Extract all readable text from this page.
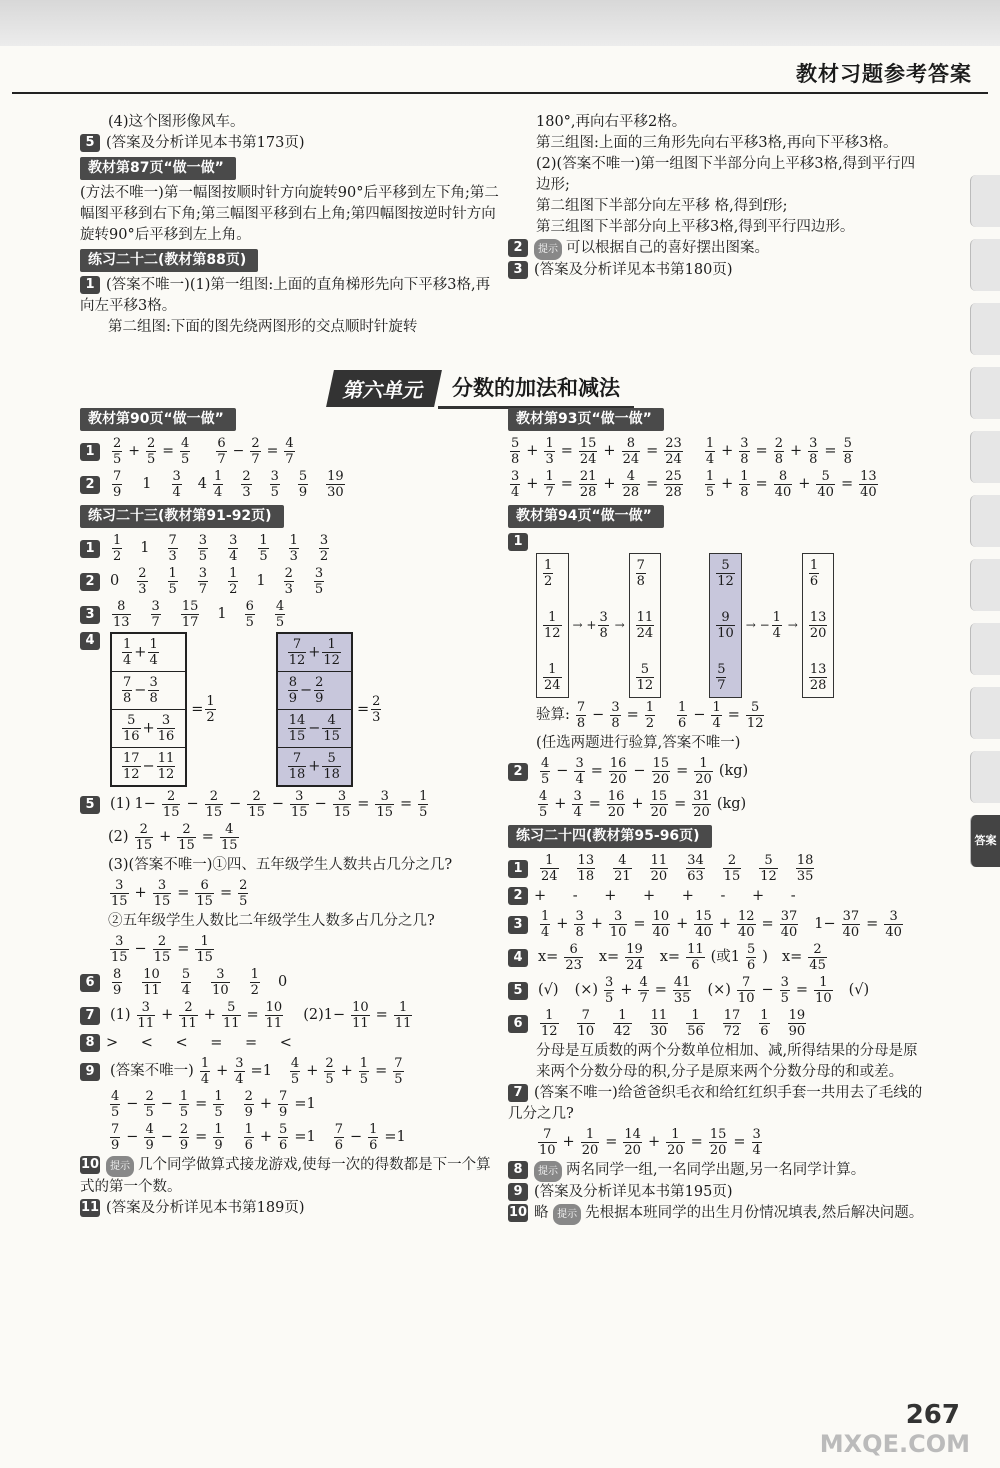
教材习题参考答案
答案
(4)这个图形像风车。
5 (答案及分析详见本书第173页)
教材第87页“做一做”
(方法不唯一)第一幅图按顺时针方向旋转90°后平移到左下角;第二幅图平移到右下角;第三幅图平移到右上角;第四幅图按逆时针方向旋转90°后平移到左上角。
练习二十二(教材第88页)
1 (答案不唯一)(1)第一组图:上面的直角梯形先向下平移3格,再向左平移3格。
第二组图:下面的图先绕两图形的交点顺时针旋转
180°,再向右平移2格。
第三组图:上面的三角形先向右平移3格,再向下平移3格。
(2)(答案不唯一)第一组图下半部分向上平移3格,得到平行四边形;
第二组图下半部分向左平移 格,得到f形;
第三组图下半部分向上平移3格,得到平行四边形。
2 提示 可以根据自己的喜好摆出图案。
3 (答案及分析详见本书第180页)
第六单元	分数的加法和减法
教材第90页“做一做”
1	$\frac{2}{5} + \frac{2}{5} = \frac{4}{5} \frac{6}{7} - \frac{2}{7} = \frac{4}{7}$
2	$\frac{7}{9} 1 \frac{3}{4} 4 \frac{1}{4} \frac{2}{3} \frac{3}{5} \frac{5}{9} \frac{19}{30}$
练习二十三(教材第91-92页)
1	$\frac{1}{2} 1 \frac{7}{3} \frac{3}{5} \frac{3}{4} \frac{1}{5} \frac{1}{3} \frac{3}{2}$
2	$0 \frac{2}{3} \frac{1}{5} \frac{3}{7} \frac{1}{2} 1 \frac{2}{3} \frac{3}{5}$
3	$\frac{8}{13} \frac{3}{7} \frac{15}{17} 1 \frac{6}{5} \frac{4}{5}$
4	$\frac{1}{4} + \frac{1}{4}$

$\frac{7}{8} - \frac{3}{8}$

$\frac{5}{16} + \frac{3}{16}$

$\frac{17}{12} - \frac{11}{12}$
= $\frac{1}{2}$
$\frac{7}{12} + \frac{1}{12}$

$\frac{8}{9} - \frac{2}{9}$

$\frac{14}{15} - \frac{4}{15}$

$\frac{7}{18} + \frac{5}{18}$
= $\frac{2}{3}$
5	(1) $1- \frac{2}{15} - \frac{2}{15} - \frac{2}{15} - \frac{3}{15} - \frac{3}{15} = \frac{3}{15} = \frac{1}{5}$
$(2) \frac{2}{15} + \frac{2}{15} = \frac{4}{15}$
(3)(答案不唯一)①四、五年级学生人数共占几分之几?
$\frac{3}{15} + \frac{3}{15} = \frac{6}{15} = \frac{2}{5}$
②五年级学生人数比二年级学生人数多占几分之几?
$\frac{3}{15} - \frac{2}{15} = \frac{1}{15}$
6	$\frac{8}{9} \frac{10}{11} \frac{5}{4} \frac{3}{10} \frac{1}{2} 0$
7	$(1) \frac{3}{11} + \frac{2}{11} + \frac{5}{11} = \frac{10}{11} (2)1- \frac{10}{11} = \frac{1}{11}$
8 > < < = = <
9	(答案不唯一) $\frac{1}{4} + \frac{3}{4} =1 \frac{4}{5} + \frac{2}{5} + \frac{1}{5} = \frac{7}{5}$
$\frac{4}{5} - \frac{2}{5} - \frac{1}{5} = \frac{1}{5} \frac{2}{9} + \frac{7}{9} =1$
$\frac{7}{9} - \frac{4}{9} - \frac{2}{9} = \frac{1}{9} \frac{1}{6} + \frac{5}{6} =1 \frac{7}{6} - \frac{1}{6} =1$
10 提示 几个同学做算式接龙游戏,使每一次的得数都是下一个算式的第一个数。
11 (答案及分析详见本书第189页)
教材第93页“做一做”
$\frac{5}{8} + \frac{1}{3} = \frac{15}{24} + \frac{8}{24} = \frac{23}{24} \frac{1}{4} + \frac{3}{8} = \frac{2}{8} + \frac{3}{8} = \frac{5}{8}$
$\frac{3}{4} + \frac{1}{7} = \frac{21}{28} + \frac{4}{28} = \frac{25}{28} \frac{1}{5} + \frac{1}{8} = \frac{8}{40} + \frac{5}{40} = \frac{13}{40}$
教材第94页“做一做”
1
$\frac{1}{2}$

$\frac{1}{12}$

$\frac{1}{24}$
→ + $\frac{3}{8}$ →
$\frac{7}{8}$

$\frac{11}{24}$

$\frac{5}{12}$
$\frac{5}{12}$

$\frac{9}{10}$

$\frac{5}{7}$
→ − $\frac{1}{4}$ →
$\frac{1}{6}$

$\frac{13}{20}$

$\frac{13}{28}$
验算: $\frac{7}{8} - \frac{3}{8} = \frac{1}{2} \frac{1}{6} - \frac{1}{4} = \frac{5}{12}$
(任选两题进行验算,答案不唯一)
2	$\frac{4}{5} - \frac{3}{4} = \frac{16}{20} - \frac{15}{20} = \frac{1}{20} (kg)$
$\frac{4}{5} + \frac{3}{4} = \frac{16}{20} + \frac{15}{20} = \frac{31}{20} (kg)$
练习二十四(教材第95-96页)
1	$\frac{1}{24} \frac{13}{18} \frac{4}{21} \frac{11}{20} \frac{34}{63} \frac{2}{15} \frac{5}{12} \frac{18}{35}$
2 + - + + + - + -
3	$\frac{1}{4} + \frac{3}{8} + \frac{3}{10} = \frac{10}{40} + \frac{15}{40} + \frac{12}{40} = \frac{37}{40} 1- \frac{37}{40} = \frac{3}{40}$
4	$x= \frac{6}{23} x= \frac{19}{24} x= \frac{11}{6}$ (或$1 \frac{5}{6}$ ) $x= \frac{2}{45}$
5	(√) (×) $\frac{3}{5} + \frac{4}{7} = \frac{41}{35}$ (×) $\frac{7}{10} - \frac{3}{5} = \frac{1}{10}$ (√)
6	$\frac{1}{12} \frac{7}{10} \frac{1}{42} \frac{11}{30} \frac{1}{56} \frac{17}{72} \frac{1}{6} \frac{19}{90}$
分母是互质数的两个分数单位相加、减,所得结果的分母是原来两个分数分母的积,分子是原来两个分数分母的和或差。
7 (答案不唯一)给爸爸织毛衣和给红红织手套一共用去了毛线的几分之几?
$\frac{7}{10} + \frac{1}{20} = \frac{14}{20} + \frac{1}{20} = \frac{15}{20} = \frac{3}{4}$
8 提示 两名同学一组,一名同学出题,另一名同学计算。
9 (答案及分析详见本书第195页)
10 略 提示 先根据本班同学的出生月份情况填表,然后解决问题。
267
MXQE.COM
